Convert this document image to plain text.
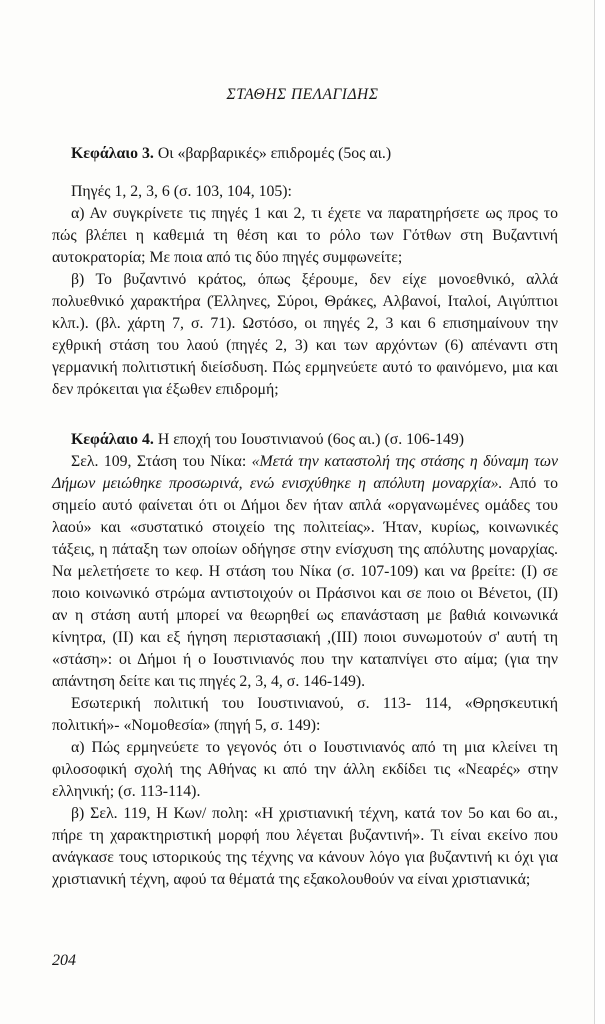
ΣΤΑΘΗΣ ΠΕΛΑΓΙΔΗΣ

Κεφάλαιο 3. Οι «βαρβαρικές» επιδρομές (5ος αι.)

Πηγές 1, 2, 3, 6 (σ. 103, 104, 105):

α) Αν συγκρίνετε τις πηγές 1 και 2, τι έχετε να παρατηρήσετε ως προς το πώς βλέπει η καθεμιά τη θέση και το ρόλο των Γότθων στη Βυζαντινή αυτοκρατορία; Με ποια από τις δύο πηγές συμφωνείτε;

β) Το βυζαντινό κράτος, όπως ξέρουμε, δεν είχε μονοεθνικό, αλλά πολυεθνικό χαρακτήρα (Έλληνες, Σύροι, Θράκες, Αλβανοί, Ιταλοί, Αιγύπτιοι κλπ.). (βλ. χάρτη 7, σ. 71). Ωστόσο, οι πηγές 2, 3 και 6 επισημαίνουν την εχθρική στάση του λαού (πηγές 2, 3) και των αρχόντων (6) απέναντι στη γερμανική πολιτιστική διείσδυση. Πώς ερμηνεύετε αυτό το φαινόμενο, μια και δεν πρόκειται για έξωθεν επιδρομή;

Κεφάλαιο 4. Η εποχή του Ιουστινιανού (6ος αι.) (σ. 106-149)

Σελ. 109, Στάση του Νίκα: «Μετά την καταστολή της στάσης η δύναμη των Δήμων μειώθηκε προσωρινά, ενώ ενισχύθηκε η απόλυτη μοναρχία». Από το σημείο αυτό φαίνεται ότι οι Δήμοι δεν ήταν απλά «οργανωμένες ομάδες του λαού» και «συστατικό στοιχείο της πολιτείας». Ήταν, κυρίως, κοινωνικές τάξεις, η πάταξη των οποίων οδήγησε στην ενίσχυση της απόλυτης μοναρχίας. Να μελετήσετε το κεφ. Η στάση του Νίκα (σ. 107-109) και να βρείτε: (Ι) σε ποιο κοινωνικό στρώμα αντιστοιχούν οι Πράσινοι και σε ποιο οι Βένετοι, (ΙΙ) αν η στάση αυτή μπορεί να θεωρηθεί ως επανάσταση με βαθιά κοινωνικά κίνητρα, (ΙΙ) και εξ ήγηση περιστασιακή ,(ΙΙΙ) ποιοι συνωμοτούν σ' αυτή τη «στάση»: οι Δήμοι ή ο Ιουστινιανός που την καταπνίγει στο αίμα; (για την απάντηση δείτε και τις πηγές 2, 3, 4, σ. 146-149).

Εσωτερική πολιτική του Ιουστινιανού, σ. 113- 114, «Θρησκευτική πολιτική»- «Νομοθεσία» (πηγή 5, σ. 149):

α) Πώς ερμηνεύετε το γεγονός ότι ο Ιουστινιανός από τη μια κλείνει τη φιλοσοφική σχολή της Αθήνας κι από την άλλη εκδίδει τις «Νεαρές» στην ελληνική; (σ. 113-114).

β) Σελ. 119, Η Κων/ πολη: «Η χριστιανική τέχνη, κατά τον 5ο και 6ο αι., πήρε τη χαρακτηριστική μορφή που λέγεται βυζαντινή». Τι είναι εκείνο που ανάγκασε τους ιστορικούς της τέχνης να κάνουν λόγο για βυζαντινή κι όχι για χριστιανική τέχνη, αφού τα θέματά της εξακολουθούν να είναι χριστιανικά;

204
